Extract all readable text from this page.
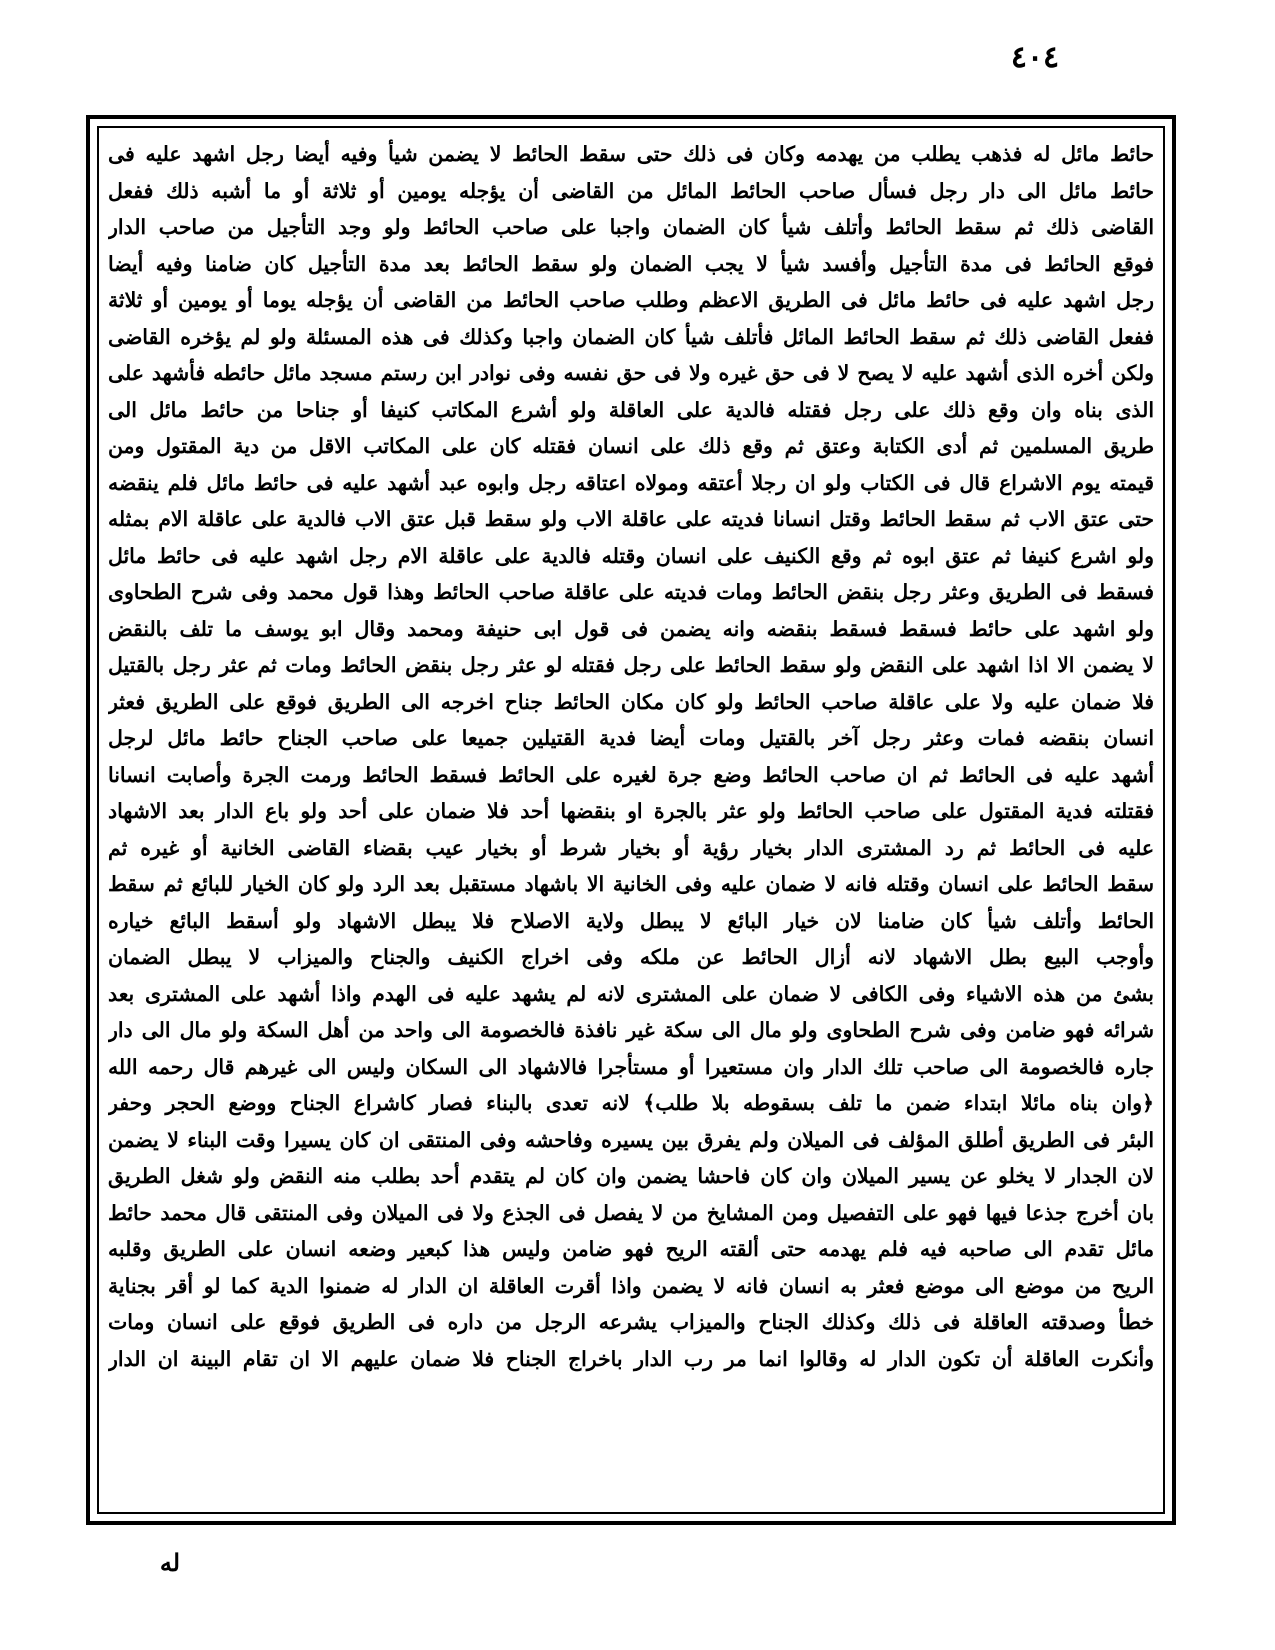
٤٠٤
حائط مائل له فذهب يطلب من يهدمه وكان فى ذلك حتى سقط الحائط لا يضمن شيأ وفيه أيضا رجل اشهد عليه فى
حائط مائل الى دار رجل فسأل صاحب الحائط المائل من القاضى أن يؤجله يومين أو ثلاثة أو ما أشبه ذلك ففعل
القاضى ذلك ثم سقط الحائط وأتلف شيأ كان الضمان واجبا على صاحب الحائط ولو وجد التأجيل من صاحب الدار
فوقع الحائط فى مدة التأجيل وأفسد شيأ لا يجب الضمان ولو سقط الحائط بعد مدة التأجيل كان ضامنا وفيه أيضا
رجل اشهد عليه فى حائط مائل فى الطريق الاعظم وطلب صاحب الحائط من القاضى أن يؤجله يوما أو يومين أو ثلاثة
ففعل القاضى ذلك ثم سقط الحائط المائل فأتلف شيأ كان الضمان واجبا وكذلك فى هذه المسئلة ولو لم يؤخره القاضى
ولكن أخره الذى أشهد عليه لا يصح لا فى حق غيره ولا فى حق نفسه وفى نوادر ابن رستم مسجد مائل حائطه فأشهد على
الذى بناه وان وقع ذلك على رجل فقتله فالدية على العاقلة ولو أشرع المكاتب كنيفا أو جناحا من حائط مائل الى
طريق المسلمين ثم أدى الكتابة وعتق ثم وقع ذلك على انسان فقتله كان على المكاتب الاقل من دية المقتول ومن
قيمته يوم الاشراع قال فى الكتاب ولو ان رجلا أعتقه ومولاه اعتاقه رجل وابوه عبد أشهد عليه فى حائط مائل فلم ينقضه
حتى عتق الاب ثم سقط الحائط وقتل انسانا فديته على عاقلة الاب ولو سقط قبل عتق الاب فالدية على عاقلة الام بمثله
ولو اشرع كنيفا ثم عتق ابوه ثم وقع الكنيف على انسان وقتله فالدية على عاقلة الام رجل اشهد عليه فى حائط مائل
فسقط فى الطريق وعثر رجل بنقض الحائط ومات فديته على عاقلة صاحب الحائط وهذا قول محمد وفى شرح الطحاوى
ولو اشهد على حائط فسقط فسقط بنقضه وانه يضمن فى قول ابى حنيفة ومحمد وقال ابو يوسف ما تلف بالنقض
لا يضمن الا اذا اشهد على النقض ولو سقط الحائط على رجل فقتله لو عثر رجل بنقض الحائط ومات ثم عثر رجل بالقتيل
فلا ضمان عليه ولا على عاقلة صاحب الحائط ولو كان مكان الحائط جناح اخرجه الى الطريق فوقع على الطريق فعثر
انسان بنقضه فمات وعثر رجل آخر بالقتيل ومات أيضا فدية القتيلين جميعا على صاحب الجناح حائط مائل لرجل
أشهد عليه فى الحائط ثم ان صاحب الحائط وضع جرة لغيره على الحائط فسقط الحائط ورمت الجرة وأصابت انسانا
فقتلته فدية المقتول على صاحب الحائط ولو عثر بالجرة او بنقضها أحد فلا ضمان على أحد ولو باع الدار بعد الاشهاد
عليه فى الحائط ثم رد المشترى الدار بخيار رؤية أو بخيار شرط أو بخيار عيب بقضاء القاضى الخانية أو غيره ثم
سقط الحائط على انسان وقتله فانه لا ضمان عليه وفى الخانية الا باشهاد مستقبل بعد الرد ولو كان الخيار للبائع ثم سقط
الحائط وأتلف شيأ كان ضامنا لان خيار البائع لا يبطل ولاية الاصلاح فلا يبطل الاشهاد ولو أسقط البائع خياره
وأوجب البيع بطل الاشهاد لانه أزال الحائط عن ملكه وفى اخراج الكنيف والجناح والميزاب لا يبطل الضمان
بشئ من هذه الاشياء وفى الكافى لا ضمان على المشترى لانه لم يشهد عليه فى الهدم واذا أشهد على المشترى بعد
شرائه فهو ضامن وفى شرح الطحاوى ولو مال الى سكة غير نافذة فالخصومة الى واحد من أهل السكة ولو مال الى دار
جاره فالخصومة الى صاحب تلك الدار وان مستعيرا أو مستأجرا فالاشهاد الى السكان وليس الى غيرهم قال رحمه الله
﴿وان بناه مائلا ابتداء ضمن ما تلف بسقوطه بلا طلب﴾ لانه تعدى بالبناء فصار كاشراع الجناح ووضع الحجر وحفر
البئر فى الطريق أطلق المؤلف فى الميلان ولم يفرق بين يسيره وفاحشه وفى المنتقى ان كان يسيرا وقت البناء لا يضمن
لان الجدار لا يخلو عن يسير الميلان وان كان فاحشا يضمن وان كان لم يتقدم أحد بطلب منه النقض ولو شغل الطريق
بان أخرج جذعا فيها فهو على التفصيل ومن المشايخ من لا يفصل فى الجذع ولا فى الميلان وفى المنتقى قال محمد حائط
مائل تقدم الى صاحبه فيه فلم يهدمه حتى ألقته الريح فهو ضامن وليس هذا كبعير وضعه انسان على الطريق وقلبه
الريح من موضع الى موضع فعثر به انسان فانه لا يضمن واذا أقرت العاقلة ان الدار له ضمنوا الدية كما لو أقر بجناية
خطأ وصدقته العاقلة فى ذلك وكذلك الجناح والميزاب يشرعه الرجل من داره فى الطريق فوقع على انسان ومات
وأنكرت العاقلة أن تكون الدار له وقالوا انما مر رب الدار باخراج الجناح فلا ضمان عليهم الا ان تقام البينة ان الدار
له
